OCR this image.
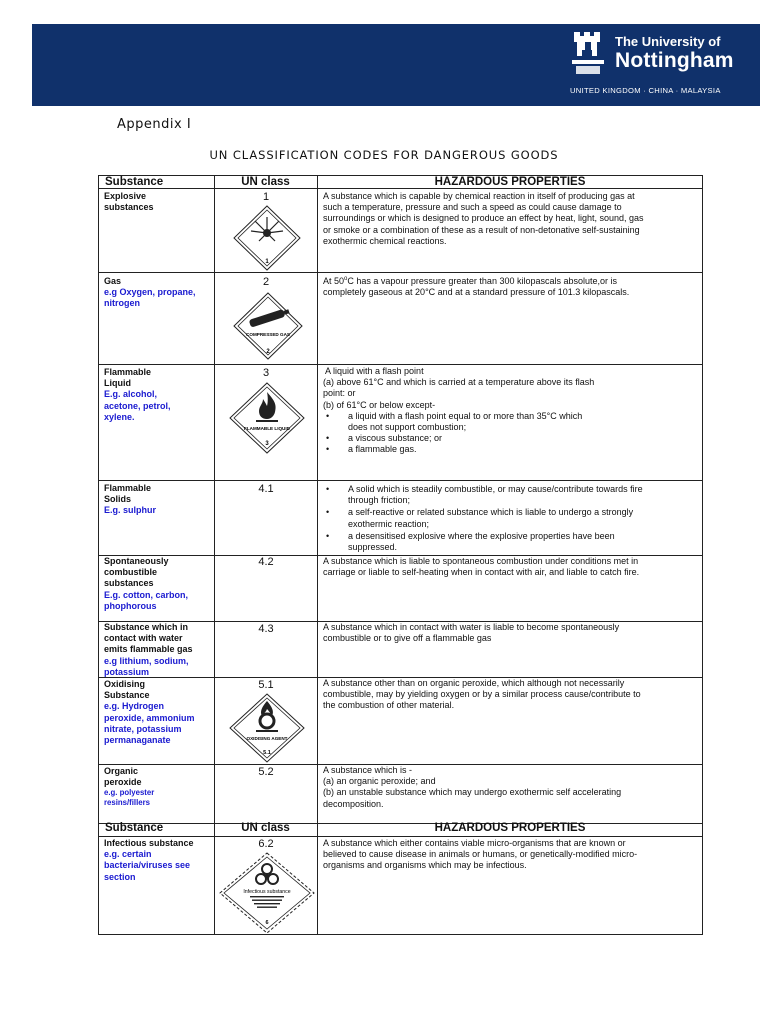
The University of
Nottingham
UNITED KINGDOM · CHINA · MALAYSIA
Appendix I
UN CLASSIFICATION CODES FOR DANGEROUS GOODS
Substance	UN class	HAZARDOUS PROPERTIES
Explosive
substances
1
1
A substance which is capable by chemical reaction in itself of producing gas at
such a temperature, pressure and such a speed as could cause damage to
surroundings or which is designed to produce an effect by heat, light, sound, gas
or smoke or a combination of these as a result of non-detonative self-sustaining
exothermic chemical reactions.
Gas
e.g Oxygen, propane,
nitrogen
2
COMPRESSED GAS
2
At 50$^o$C has a vapour pressure greater than 300 kilopascals absolute,or is
completely gaseous at 20°C and at a standard pressure of 101.3 kilopascals.
Flammable
Liquid
E.g. alcohol,
acetone, petrol,
xylene.
3
FLAMMABLE LIQUID
3
A liquid with a flash point
(a) above 61°C and which is carried at a temperature above its flash
point: or
(b) of 61°C or below except-
• a liquid with a flash point equal to or more than 35°C which
does not support combustion;
• a viscous substance; or
• a flammable gas.
Flammable
Solids
E.g. sulphur
4.1
•	A solid which is steadily combustible, or may cause/contribute towards fire
through friction;
• a self-reactive or related substance which is liable to undergo a strongly
exothermic reaction;
• a desensitised explosive where the explosive properties have been
suppressed.
Spontaneously
combustible
substances
E.g. cotton, carbon,
phophorous
4.2	A substance which is liable to spontaneous combustion under conditions met in
carriage or liable to self-heating when in contact with air, and liable to catch fire.
Substance which in
contact with water
emits flammable gas
e.g lithium, sodium,
potassium
4.3	A substance which in contact with water is liable to become spontaneously
combustible or to give off a flammable gas
Oxidising
Substance
e.g. Hydrogen
peroxide, ammonium
nitrate, potassium
permanaganate
5.1
OXIDISING AGENT
5.1
A substance other than on organic peroxide, which although not necessarily
combustible, may by yielding oxygen or by a similar process cause/contribute to
the combustion of other material.
Organic
peroxide
e.g. polyester
resins/fillers
5.2	A substance which is -
(a) an organic peroxide; and
(b) an unstable substance which may undergo exothermic self accelerating
decomposition.
Substance	UN class	HAZARDOUS PROPERTIES
Infectious substance
e.g. certain
bacteria/viruses see
section
6.2
Infectious substance
6
A substance which either contains viable micro-organisms that are known or
believed to cause disease in animals or humans, or genetically-modified micro-
organisms and organisms which may be infectious.
